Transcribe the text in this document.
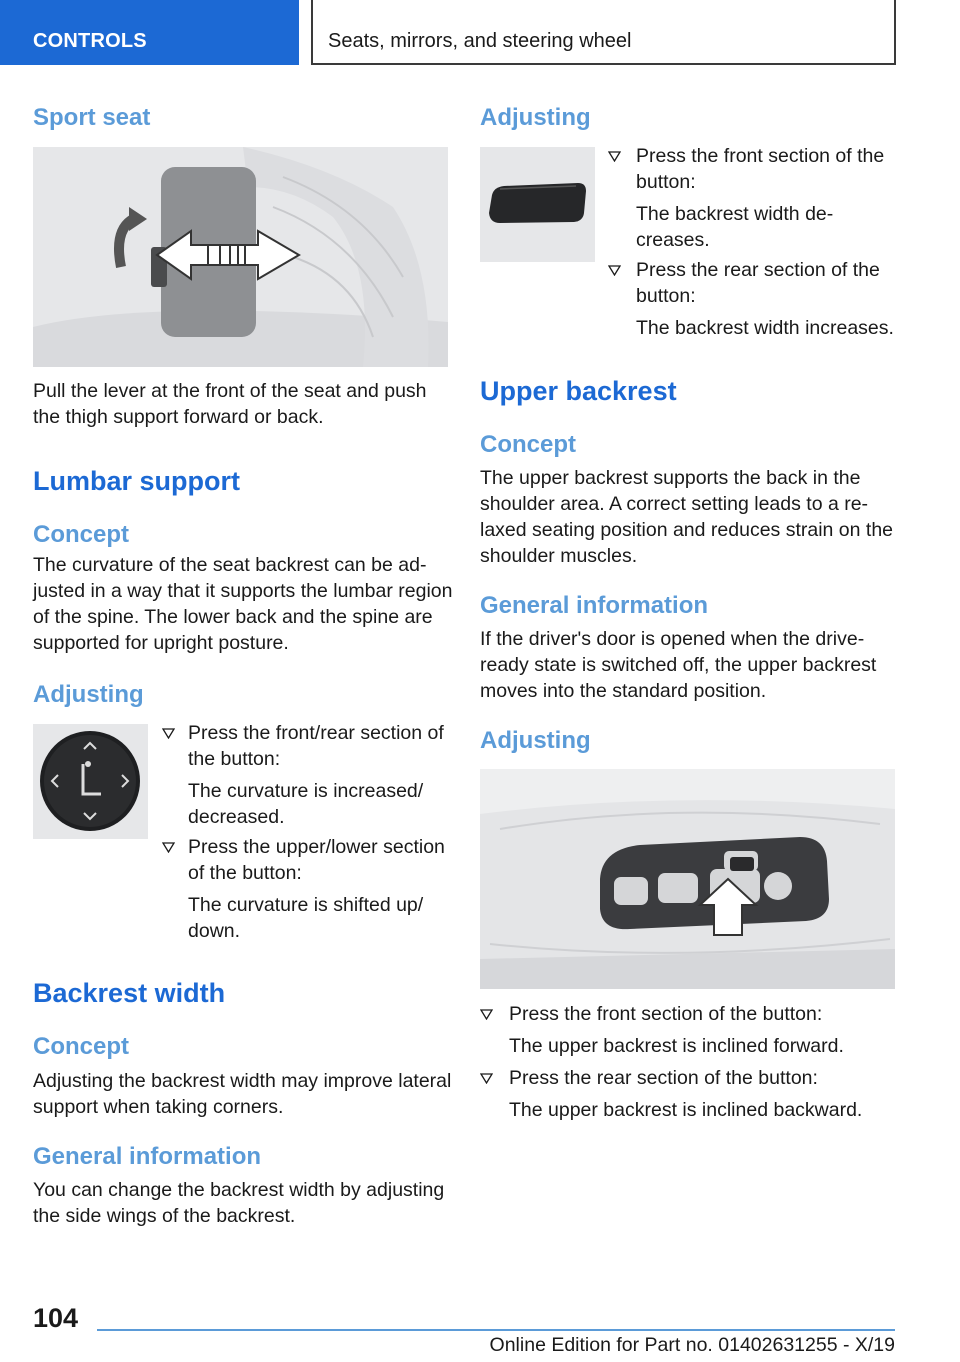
CONTROLS	Seats, mirrors, and steering wheel
Sport seat
Pull the lever at the front of the seat and push
the thigh support forward or back.
Lumbar support
Concept
The curvature of the seat backrest can be ad‐
justed in a way that it supports the lumbar region
of the spine. The lower back and the spine are
supported for upright posture.
Adjusting
Press the front/rear section of
the button:
The curvature is increased/
decreased.
Press the upper/lower section
of the button:
The curvature is shifted up/
down.
Backrest width
Concept
Adjusting the backrest width may improve lateral
support when taking corners.
General information
You can change the backrest width by adjusting
the side wings of the backrest.
Adjusting
Press the front section of the
button:
The backrest width de‐
creases.
Press the rear section of the
button:
The backrest width increases.
Upper backrest
Concept
The upper backrest supports the back in the
shoulder area. A correct setting leads to a re‐
laxed seating position and reduces strain on the
shoulder muscles.
General information
If the driver's door is opened when the drive-
ready state is switched off, the upper backrest
moves into the standard position.
Adjusting
Press the front section of the button:
The upper backrest is inclined forward.
Press the rear section of the button:
The upper backrest is inclined backward.
104
Online Edition for Part no. 01402631255 - X/19
